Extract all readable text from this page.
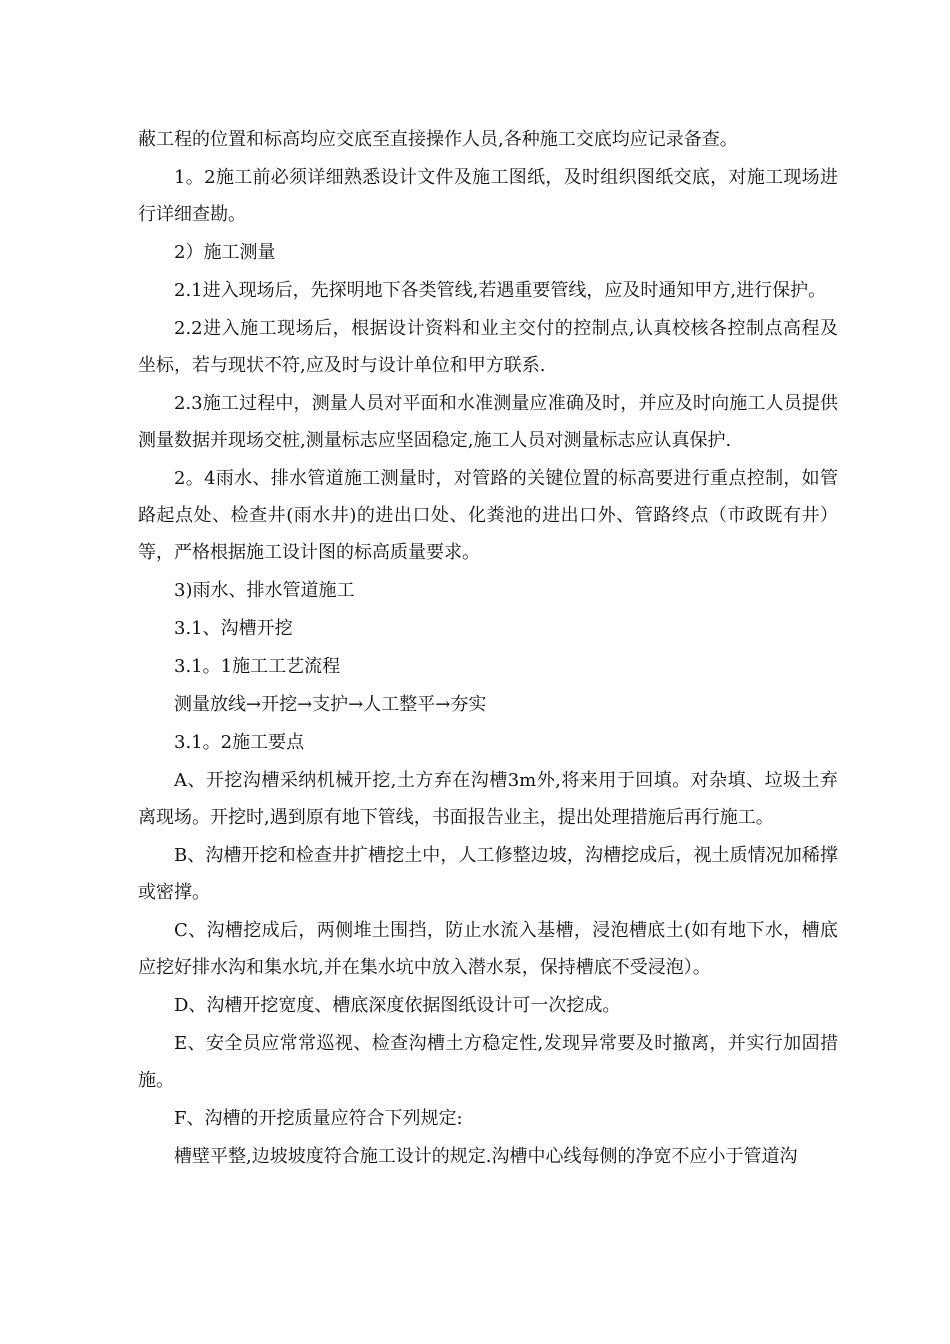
蔽工程的位置和标高均应交底至直接操作人员,各种施工交底均应记录备查。

1。2施工前必须详细熟悉设计文件及施工图纸，及时组织图纸交底，对施工现场进行详细查勘。

2）施工测量

2.1进入现场后，先探明地下各类管线,若遇重要管线，应及时通知甲方,进行保护。

2.2进入施工现场后，根据设计资料和业主交付的控制点,认真校核各控制点高程及坐标，若与现状不符,应及时与设计单位和甲方联系.

2.3施工过程中，测量人员对平面和水准测量应准确及时，并应及时向施工人员提供测量数据并现场交桩,测量标志应坚固稳定,施工人员对测量标志应认真保护.

2。4雨水、排水管道施工测量时，对管路的关键位置的标高要进行重点控制，如管路起点处、检查井(雨水井)的进出口处、化粪池的进出口外、管路终点（市政既有井）等，严格根据施工设计图的标高质量要求。

3)雨水、排水管道施工

3.1、沟槽开挖

3.1。1施工工艺流程

测量放线→开挖→支护→人工整平→夯实

3.1。2施工要点

A、开挖沟槽采纳机械开挖,土方弃在沟槽3m外,将来用于回填。对杂填、垃圾土弃离现场。开挖时,遇到原有地下管线，书面报告业主，提出处理措施后再行施工。

B、沟槽开挖和检查井扩槽挖土中，人工修整边坡，沟槽挖成后，视土质情况加稀撑或密撑。

C、沟槽挖成后，两侧堆土围挡，防止水流入基槽，浸泡槽底土(如有地下水，槽底应挖好排水沟和集水坑,并在集水坑中放入潜水泵，保持槽底不受浸泡）。

D、沟槽开挖宽度、槽底深度依据图纸设计可一次挖成。

E、安全员应常常巡视、检查沟槽土方稳定性,发现异常要及时撤离，并实行加固措施。

F、沟槽的开挖质量应符合下列规定:

槽壁平整,边坡坡度符合施工设计的规定.沟槽中心线每侧的净宽不应小于管道沟
